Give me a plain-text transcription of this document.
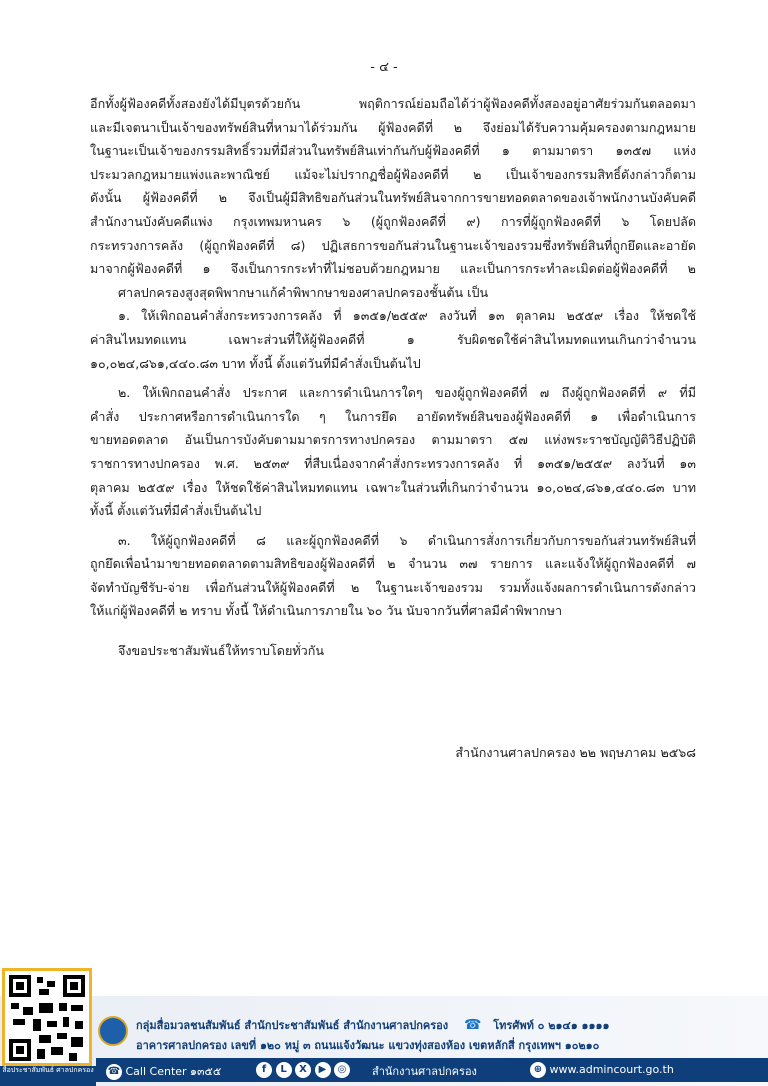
- ๔ -
อีกทั้งผู้ฟ้องคดีทั้งสองยังได้มีบุตรด้วยกัน พฤติการณ์ย่อมถือได้ว่าผู้ฟ้องคดีทั้งสองอยู่อาศัยร่วมกันตลอดมา
และมีเจตนาเป็นเจ้าของทรัพย์สินที่หามาได้ร่วมกัน ผู้ฟ้องคดีที่ ๒ จึงย่อมได้รับความคุ้มครองตามกฎหมาย
ในฐานะเป็นเจ้าของกรรมสิทธิ์รวมที่มีส่วนในทรัพย์สินเท่ากันกับผู้ฟ้องคดีที่ ๑ ตามมาตรา ๑๓๕๗ แห่ง
ประมวลกฎหมายแพ่งและพาณิชย์ แม้จะไม่ปรากฏชื่อผู้ฟ้องคดีที่ ๒ เป็นเจ้าของกรรมสิทธิ์ดังกล่าวก็ตาม
ดังนั้น ผู้ฟ้องคดีที่ ๒ จึงเป็นผู้มีสิทธิขอกันส่วนในทรัพย์สินจากการขายทอดตลาดของเจ้าพนักงานบังคับคดี
สำนักงานบังคับคดีแพ่ง กรุงเทพมหานคร ๖ (ผู้ถูกฟ้องคดีที่ ๙) การที่ผู้ถูกฟ้องคดีที่ ๖ โดยปลัด
กระทรวงการคลัง (ผู้ถูกฟ้องคดีที่ ๘) ปฏิเสธการขอกันส่วนในฐานะเจ้าของรวมซึ่งทรัพย์สินที่ถูกยึดและอายัด
มาจากผู้ฟ้องคดีที่ ๑ จึงเป็นการกระทำที่ไม่ชอบด้วยกฎหมาย และเป็นการกระทำละเมิดต่อผู้ฟ้องคดีที่ ๒
ศาลปกครองสูงสุดพิพากษาแก้คำพิพากษาของศาลปกครองชั้นต้น เป็น
๑. ให้เพิกถอนคำสั่งกระทรวงการคลัง ที่ ๑๓๕๑/๒๕๕๙ ลงวันที่ ๑๓ ตุลาคม ๒๕๕๙ เรื่อง ให้ชดใช้
ค่าสินไหมทดแทน เฉพาะส่วนที่ให้ผู้ฟ้องคดีที่ ๑ รับผิดชดใช้ค่าสินไหมทดแทนเกินกว่าจำนวน
๑๐,๐๒๔,๘๖๑,๔๔๐.๘๓ บาท ทั้งนี้ ตั้งแต่วันที่มีคำสั่งเป็นต้นไป
๒. ให้เพิกถอนคำสั่ง ประกาศ และการดำเนินการใดๆ ของผู้ถูกฟ้องคดีที่ ๗ ถึงผู้ถูกฟ้องคดีที่ ๙ ที่มี
คำสั่ง ประกาศหรือการดำเนินการใด ๆ ในการยึด อายัดทรัพย์สินของผู้ฟ้องคดีที่ ๑ เพื่อดำเนินการ
ขายทอดตลาด อันเป็นการบังคับตามมาตรการทางปกครอง ตามมาตรา ๕๗ แห่งพระราชบัญญัติวิธีปฏิบัติ
ราชการทางปกครอง พ.ศ. ๒๕๓๙ ที่สืบเนื่องจากคำสั่งกระทรวงการคลัง ที่ ๑๓๕๑/๒๕๕๙ ลงวันที่ ๑๓
ตุลาคม ๒๕๕๙ เรื่อง ให้ชดใช้ค่าสินไหมทดแทน เฉพาะในส่วนที่เกินกว่าจำนวน ๑๐,๐๒๔,๘๖๑,๔๔๐.๘๓ บาท
ทั้งนี้ ตั้งแต่วันที่มีคำสั่งเป็นต้นไป
๓. ให้ผู้ถูกฟ้องคดีที่ ๘ และผู้ถูกฟ้องคดีที่ ๖ ดำเนินการสั่งการเกี่ยวกับการขอกันส่วนทรัพย์สินที่
ถูกยึดเพื่อนำมาขายทอดตลาดตามสิทธิของผู้ฟ้องคดีที่ ๒ จำนวน ๓๗ รายการ และแจ้งให้ผู้ถูกฟ้องคดีที่ ๗
จัดทำบัญชีรับ-จ่าย เพื่อกันส่วนให้ผู้ฟ้องคดีที่ ๒ ในฐานะเจ้าของรวม รวมทั้งแจ้งผลการดำเนินการดังกล่าว
ให้แก่ผู้ฟ้องคดีที่ ๒ ทราบ ทั้งนี้ ให้ดำเนินการภายใน ๖๐ วัน นับจากวันที่ศาลมีคำพิพากษา
จึงขอประชาสัมพันธ์ให้ทราบโดยทั่วกัน
สำนักงานศาลปกครอง ๒๒ พฤษภาคม ๒๕๖๘
สื่อประชาสัมพันธ์ ศาลปกครอง
กลุ่มสื่อมวลชนสัมพันธ์ สำนักประชาสัมพันธ์ สำนักงานศาลปกครอง ☎ โทรศัพท์ ๐ ๒๑๔๑ ๑๑๑๑
อาคารศาลปกครอง เลขที่ ๑๒๐ หมู่ ๓ ถนนแจ้งวัฒนะ แขวงทุ่งสองห้อง เขตหลักสี่ กรุงเทพฯ ๑๐๒๑๐
☎ Call Center ๑๓๕๕	f L X ▶ ◎	สำนักงานศาลปกครอง	⊕ www.admincourt.go.th
